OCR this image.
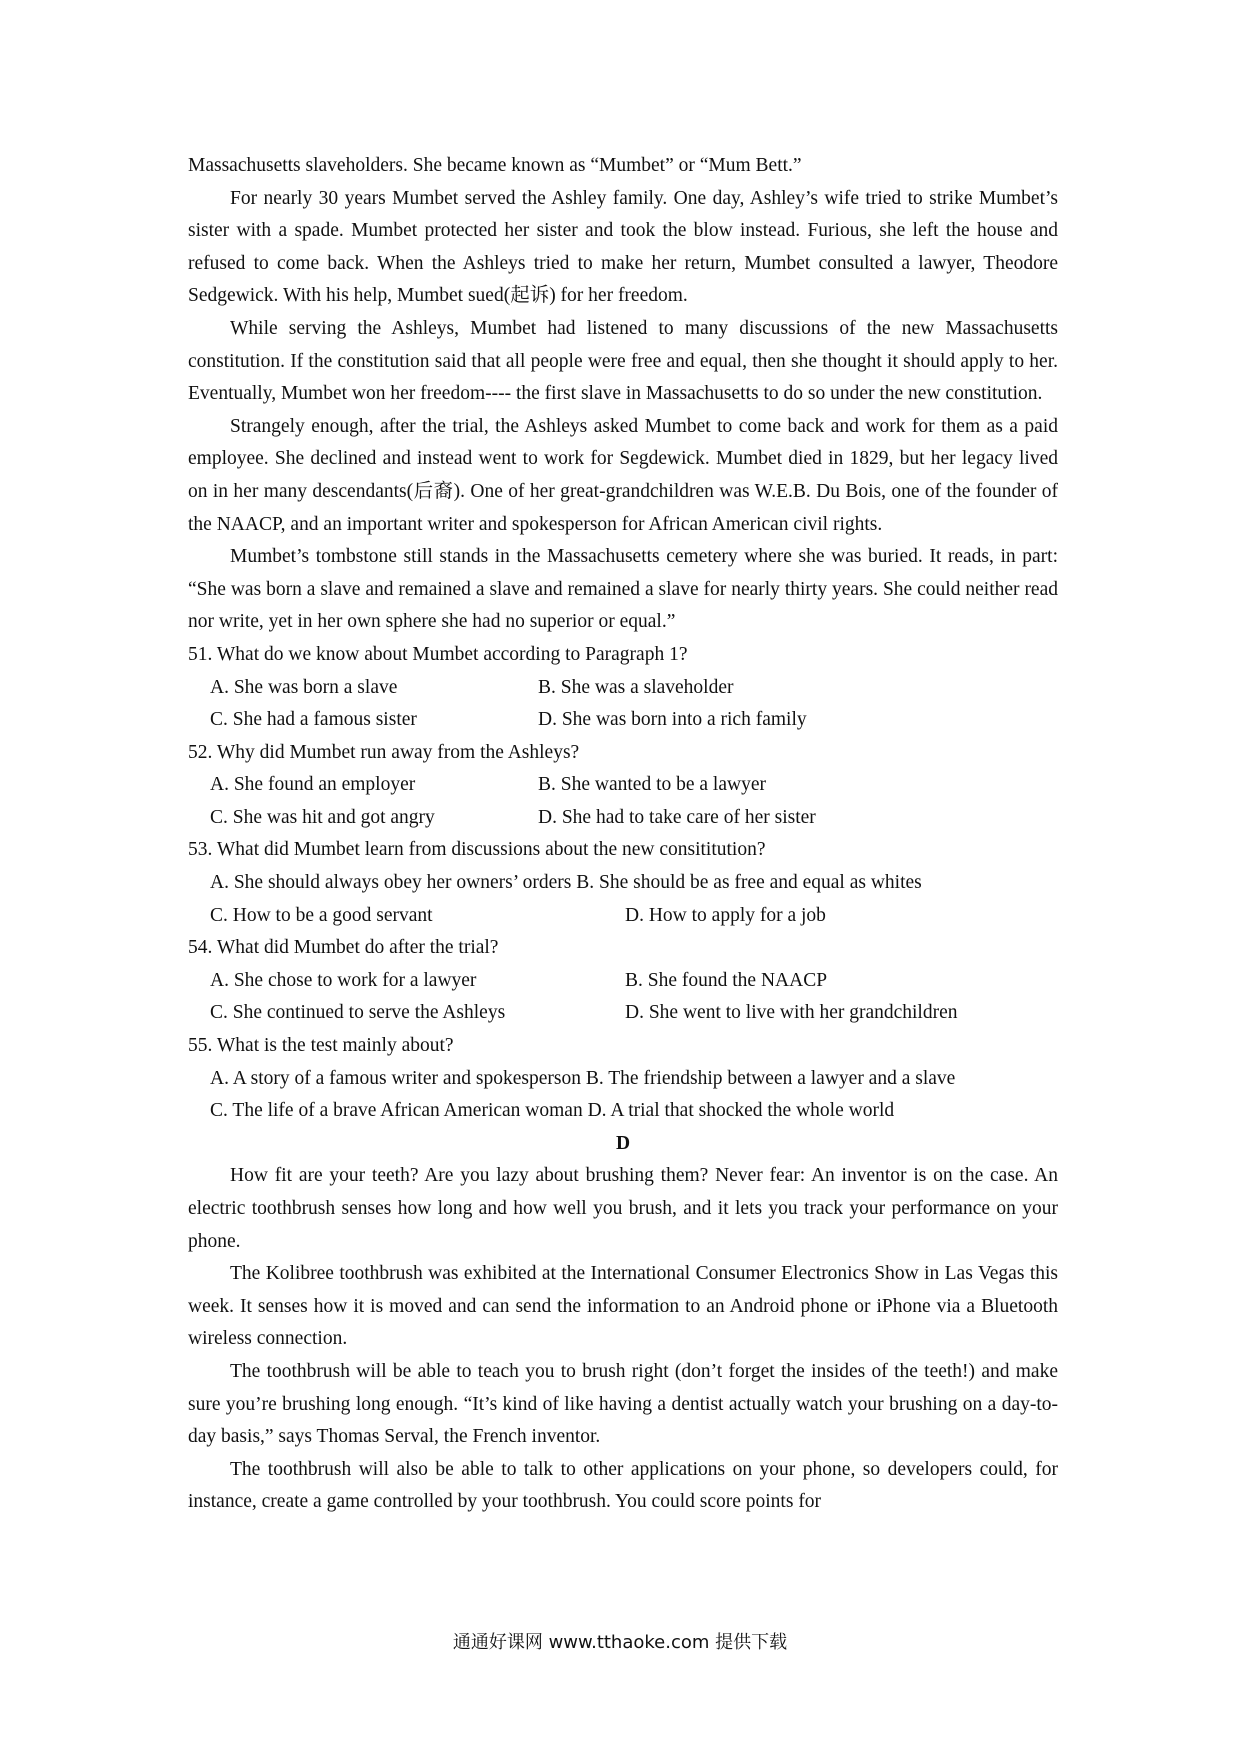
Massachusetts slaveholders. She became known as “Mumbet” or “Mum Bett.”

For nearly 30 years Mumbet served the Ashley family. One day, Ashley’s wife tried to strike Mumbet’s sister with a spade. Mumbet protected her sister and took the blow instead. Furious, she left the house and refused to come back. When the Ashleys tried to make her return, Mumbet consulted a lawyer, Theodore Sedgewick. With his help, Mumbet sued(起诉) for her freedom.

While serving the Ashleys, Mumbet had listened to many discussions of the new Massachusetts constitution. If the constitution said that all people were free and equal, then she thought it should apply to her. Eventually, Mumbet won her freedom---- the first slave in Massachusetts to do so under the new constitution.

Strangely enough, after the trial, the Ashleys asked Mumbet to come back and work for them as a paid employee. She declined and instead went to work for Segdewick. Mumbet died in 1829, but her legacy lived on in her many descendants(后裔). One of her great-grandchildren was W.E.B. Du Bois, one of the founder of the NAACP, and an important writer and spokesperson for African American civil rights.

Mumbet’s tombstone still stands in the Massachusetts cemetery where she was buried. It reads, in part: “She was born a slave and remained a slave and remained a slave for nearly thirty years. She could neither read nor write, yet in her own sphere she had no superior or equal.”

51. What do we know about Mumbet according to Paragraph 1?

A. She was born a slave	B. She was a slaveholder
C. She had a famous sister	D. She was born into a rich family

52. Why did Mumbet run away from the Ashleys?

A. She found an employer	B. She wanted to be a lawyer
C. She was hit and got angry	D. She had to take care of her sister

53. What did Mumbet learn from discussions about the new consititution?

A. She should always obey her owners’ orders B. She should be as free and equal as whites
C. How to be a good servant	D. How to apply for a job

54. What did Mumbet do after the trial?

A. She chose to work for a lawyer	B. She found the NAACP
C. She continued to serve the Ashleys	D. She went to live with her grandchildren

55. What is the test mainly about?

A. A story of a famous writer and spokesperson B. The friendship between a lawyer and a slave
C. The life of a brave African American woman D. A trial that shocked the whole world

D

How fit are your teeth? Are you lazy about brushing them? Never fear: An inventor is on the case. An electric toothbrush senses how long and how well you brush, and it lets you track your performance on your phone.

The Kolibree toothbrush was exhibited at the International Consumer Electronics Show in Las Vegas this week. It senses how it is moved and can send the information to an Android phone or iPhone via a Bluetooth wireless connection.

The toothbrush will be able to teach you to brush right (don’t forget the insides of the teeth!) and make sure you’re brushing long enough. “It’s kind of like having a dentist actually watch your brushing on a day-to-day basis,” says Thomas Serval, the French inventor.

The toothbrush will also be able to talk to other applications on your phone, so developers could, for instance, create a game controlled by your toothbrush. You could score points for

通通好课网 www.tthaoke.com 提供下载
